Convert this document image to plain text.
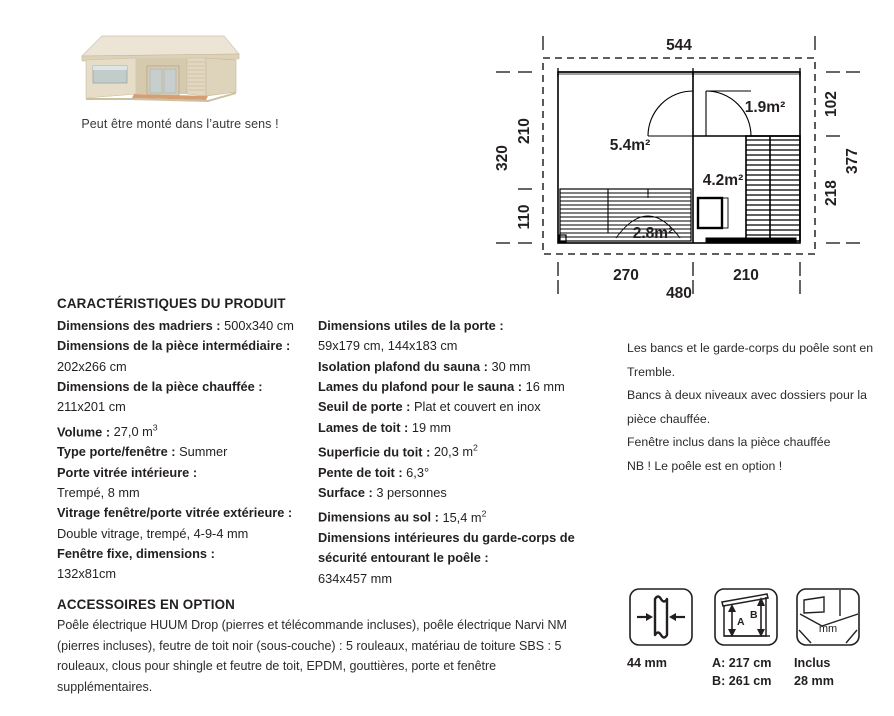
Peut être monté dans l’autre sens !
544
270	210
480
320
210
110
102
218
377
5.4m²
1.9m²
4.2m²
2.8m²
CARACTÉRISTIQUES DU PRODUIT
Dimensions des madriers : 500x340 cm
Dimensions de la pièce intermédiaire :
202x266 cm
Dimensions de la pièce chauffée :
211x201 cm
Volume : 27,0 $m^3$
Type porte/fenêtre : Summer
Porte vitrée intérieure :
Trempé, 8 mm
Vitrage fenêtre/porte vitrée extérieure :
Double vitrage, trempé, 4-9-4 mm
Fenêtre fixe, dimensions :
132x81cm
Dimensions utiles de la porte :
59x179 cm, 144x183 cm
Isolation plafond du sauna : 30 mm
Lames du plafond pour le sauna : 16 mm
Seuil de porte : Plat et couvert en inox
Lames de toit : 19 mm
Superficie du toit : 20,3 $m^2$
Pente de toit : 6,3°
Surface : 3 personnes
Dimensions au sol : 15,4 $m^2$
Dimensions intérieures du garde-corps de sécurité entourant le poêle :
634x457 mm
Les bancs et le garde-corps du poêle sont en Tremble.
Bancs à deux niveaux avec dossiers pour la pièce chauffée.
Fenêtre inclus dans la pièce chauffée
NB ! Le poêle est en option !
ACCESSOIRES EN OPTION
Poêle électrique HUUM Drop (pierres et télécommande incluses), poêle électrique Narvi NM (pierres incluses), feutre de toit noir (sous-couche) : 5 rouleaux, matériau de toiture SBS : 5 rouleaux, clous pour shingle et feutre de toit, EPDM, gouttières, porte et fenêtre supplémentaires.
44 mm
A
B
A: 217 cm
B: 261 cm
mm
Inclus
28 mm
